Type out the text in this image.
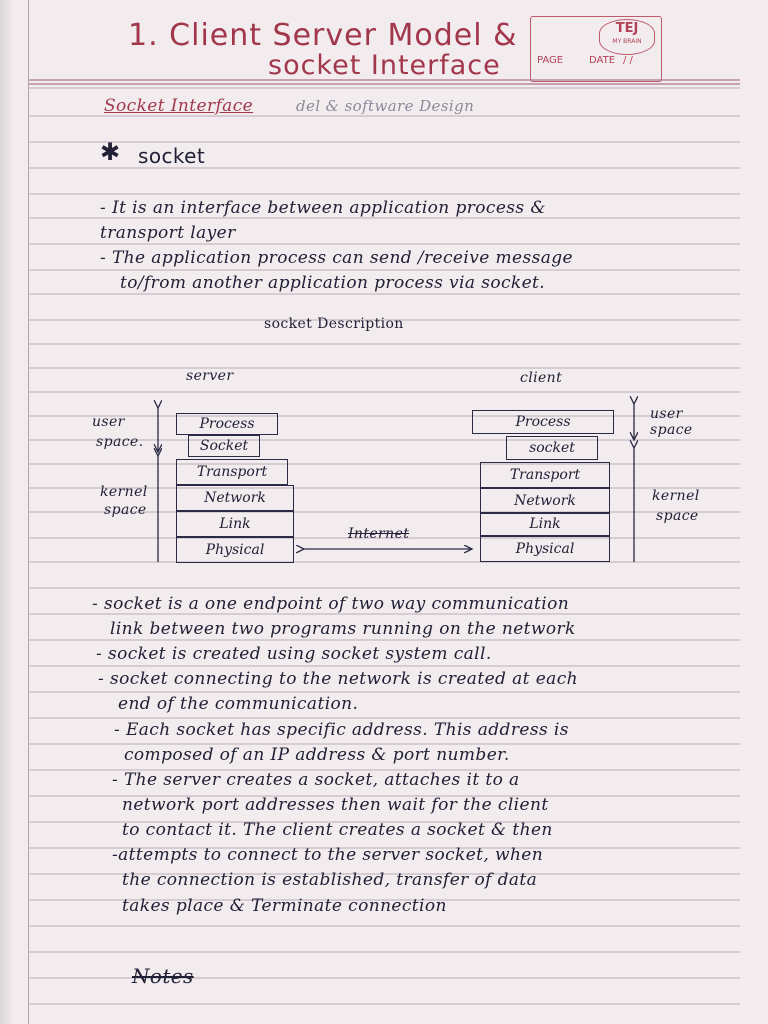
1. Client Server Model &
socket Interface
TEJ
MY BRAIN
PAGE	DATE / /
Socket Interface	del & software Design
✱ socket
- It is an interface between application process &
transport layer
- The application process can send /receive message
to/from another application process via socket.
socket Description
server	client
user
space.
kernel
space
user
space
kernel
space
Process
Socket
Transport
Network
Link
Physical
Process
socket
Transport
Network
Link
Physical
Internet
- socket is a one endpoint of two way communication
link between two programs running on the network
- socket is created using socket system call.
- socket connecting to the network is created at each
end of the communication.
- Each socket has specific address. This address is
composed of an IP address & port number.
- The server creates a socket, attaches it to a
network port addresses then wait for the client
to contact it. The client creates a socket & then
-attempts to connect to the server socket, when
the connection is established, transfer of data
takes place & Terminate connection
Notes
